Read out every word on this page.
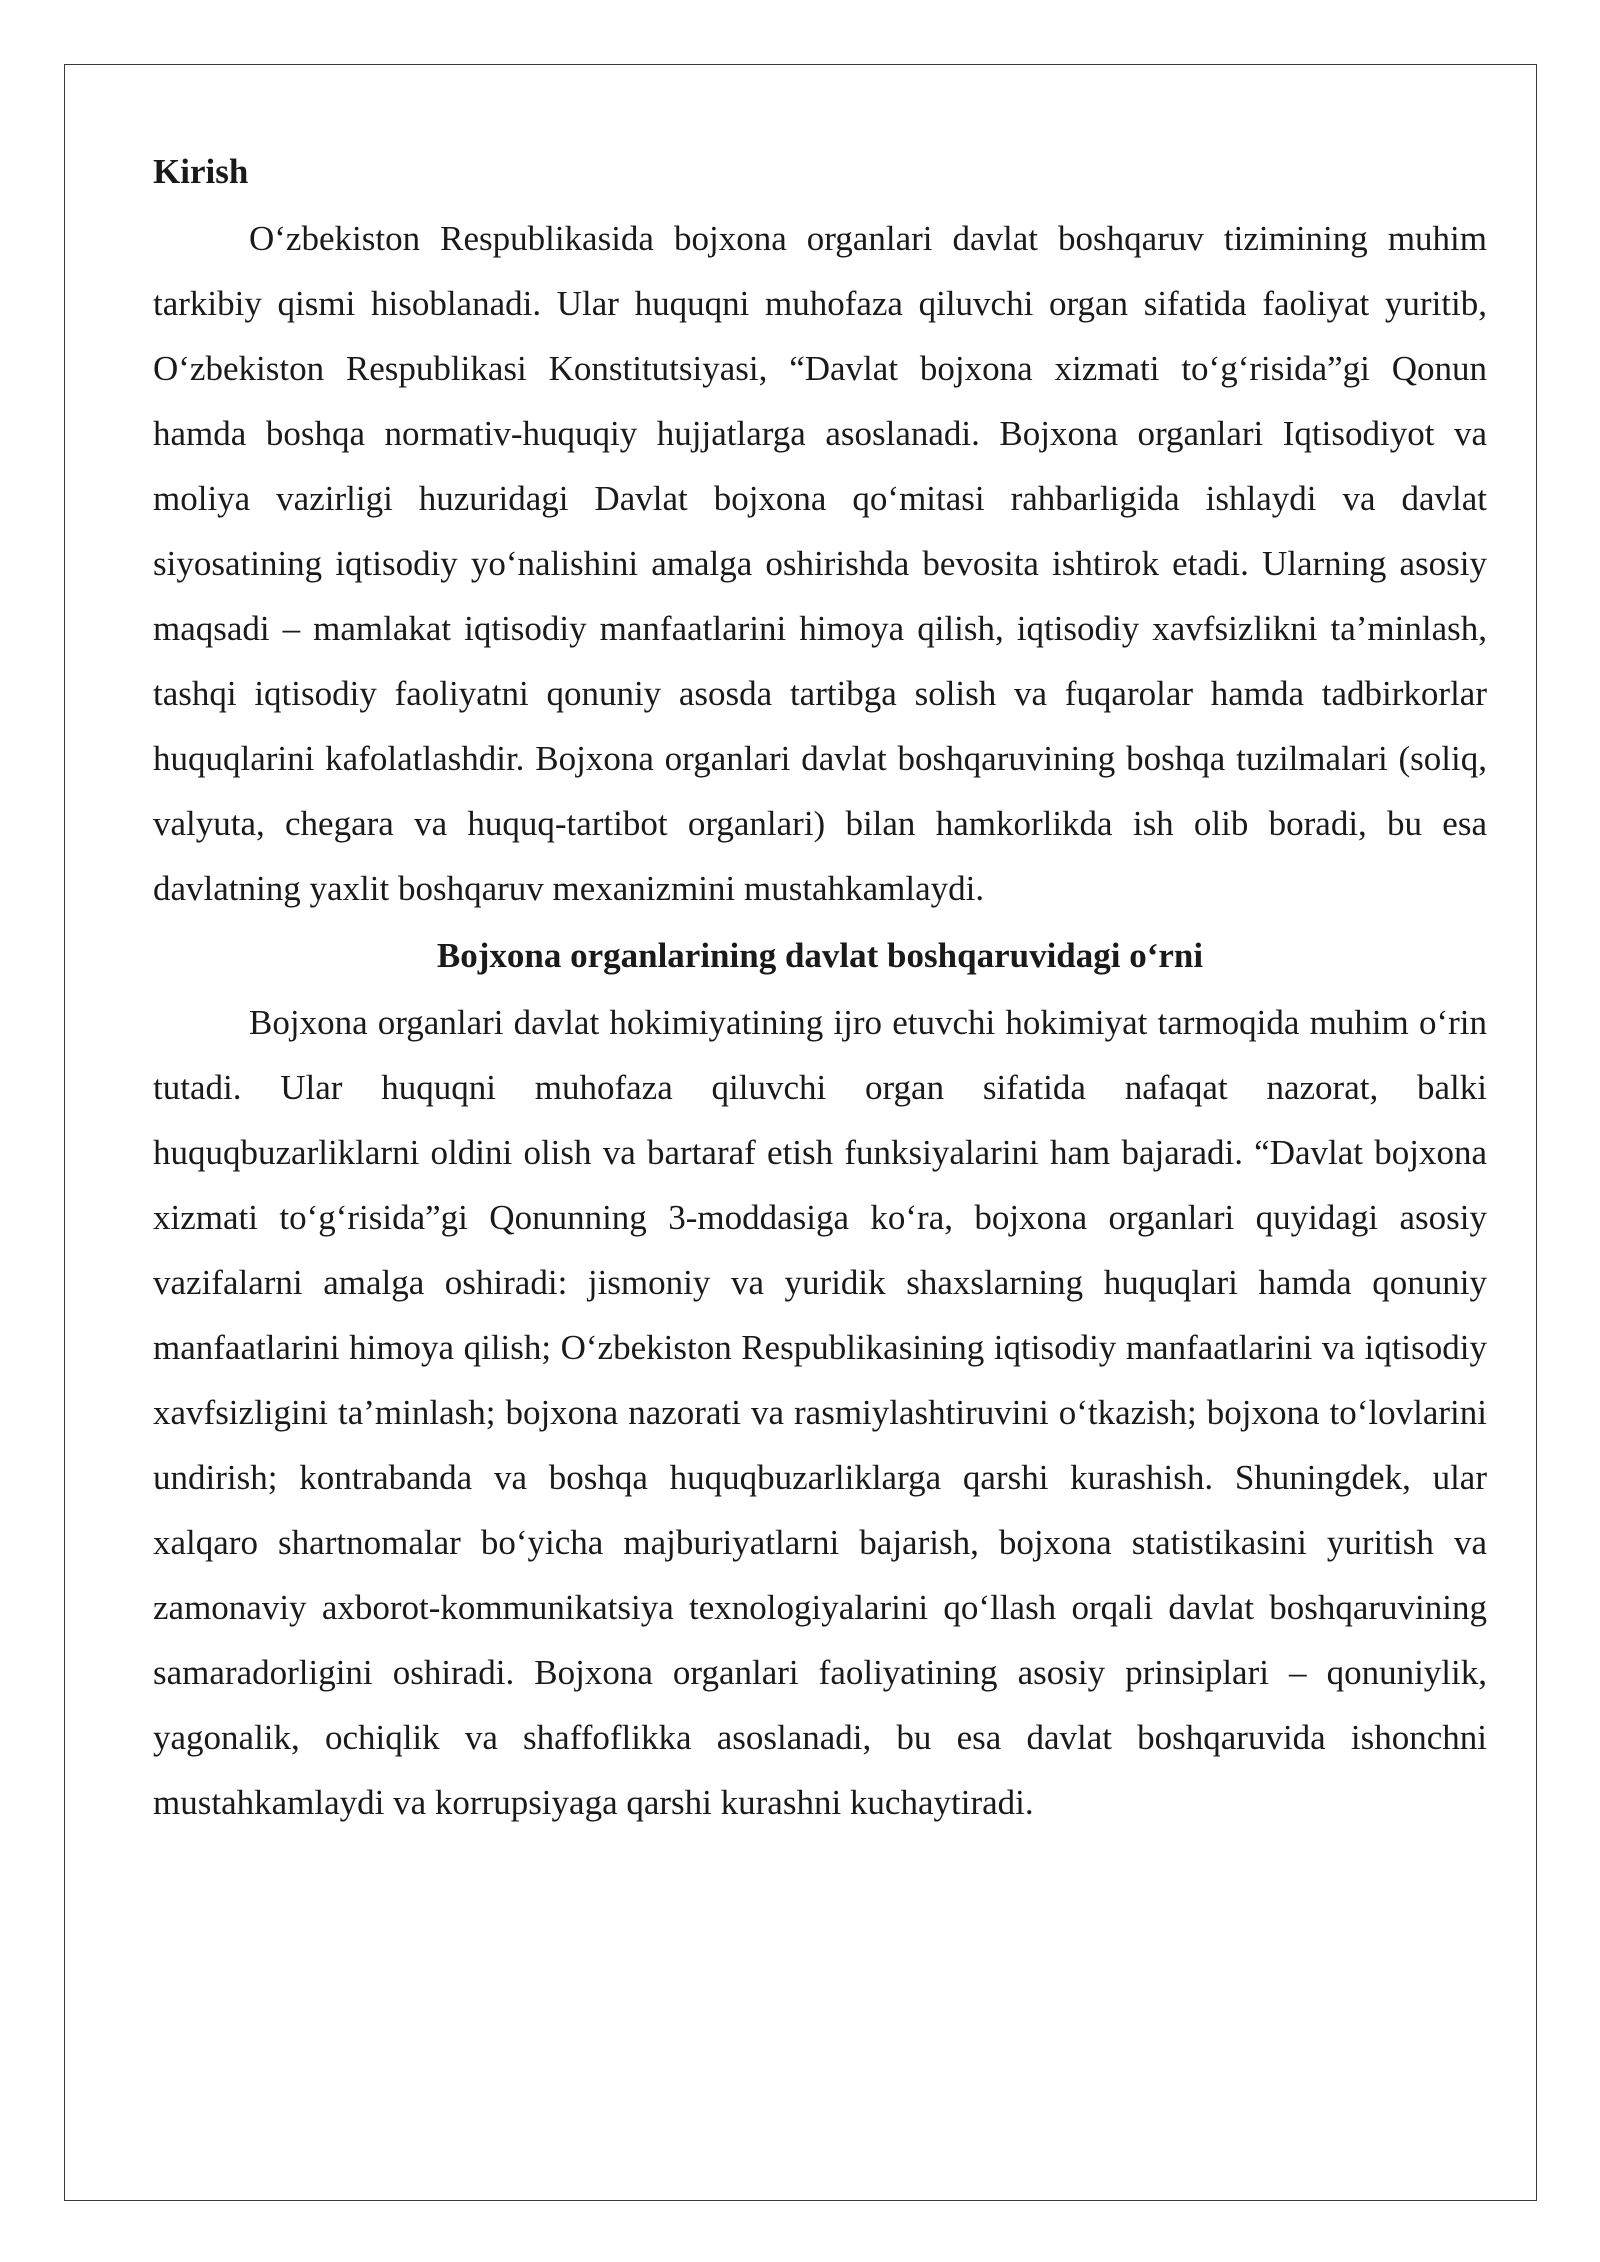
Kirish

O‘zbekiston Respublikasida bojxona organlari davlat boshqaruv tizimining muhim tarkibiy qismi hisoblanadi. Ular huquqni muhofaza qiluvchi organ sifatida faoliyat yuritib, O‘zbekiston Respublikasi Konstitutsiyasi, “Davlat bojxona xizmati to‘g‘risida”gi Qonun hamda boshqa normativ-huquqiy hujjatlarga asoslanadi. Bojxona organlari Iqtisodiyot va moliya vazirligi huzuridagi Davlat bojxona qo‘mitasi rahbarligida ishlaydi va davlat siyosatining iqtisodiy yo‘nalishini amalga oshirishda bevosita ishtirok etadi. Ularning asosiy maqsadi – mamlakat iqtisodiy manfaatlarini himoya qilish, iqtisodiy xavfsizlikni ta’minlash, tashqi iqtisodiy faoliyatni qonuniy asosda tartibga solish va fuqarolar hamda tadbirkorlar huquqlarini kafolatlashdir. Bojxona organlari davlat boshqaruvining boshqa tuzilmalari (soliq, valyuta, chegara va huquq-tartibot organlari) bilan hamkorlikda ish olib boradi, bu esa davlatning yaxlit boshqaruv mexanizmini mustahkamlaydi.

Bojxona organlarining davlat boshqaruvidagi o‘rni

Bojxona organlari davlat hokimiyatining ijro etuvchi hokimiyat tarmoqida muhim o‘rin tutadi. Ular huquqni muhofaza qiluvchi organ sifatida nafaqat nazorat, balki huquqbuzarliklarni oldini olish va bartaraf etish funksiyalarini ham bajaradi. “Davlat bojxona xizmati to‘g‘risida”gi Qonunning 3-moddasiga ko‘ra, bojxona organlari quyidagi asosiy vazifalarni amalga oshiradi: jismoniy va yuridik shaxslarning huquqlari hamda qonuniy manfaatlarini himoya qilish; O‘zbekiston Respublikasining iqtisodiy manfaatlarini va iqtisodiy xavfsizligini ta’minlash; bojxona nazorati va rasmiylashtiruvini o‘tkazish; bojxona to‘lovlarini undirish; kontrabanda va boshqa huquqbuzarliklarga qarshi kurashish. Shuningdek, ular xalqaro shartnomalar bo‘yicha majburiyatlarni bajarish, bojxona statistikasini yuritish va zamonaviy axborot-kommunikatsiya texnologiyalarini qo‘llash orqali davlat boshqaruvining samaradorligini oshiradi. Bojxona organlari faoliyatining asosiy prinsiplari – qonuniylik, yagonalik, ochiqlik va shaffoflikka asoslanadi, bu esa davlat boshqaruvida ishonchni mustahkamlaydi va korrupsiyaga qarshi kurashni kuchaytiradi.
